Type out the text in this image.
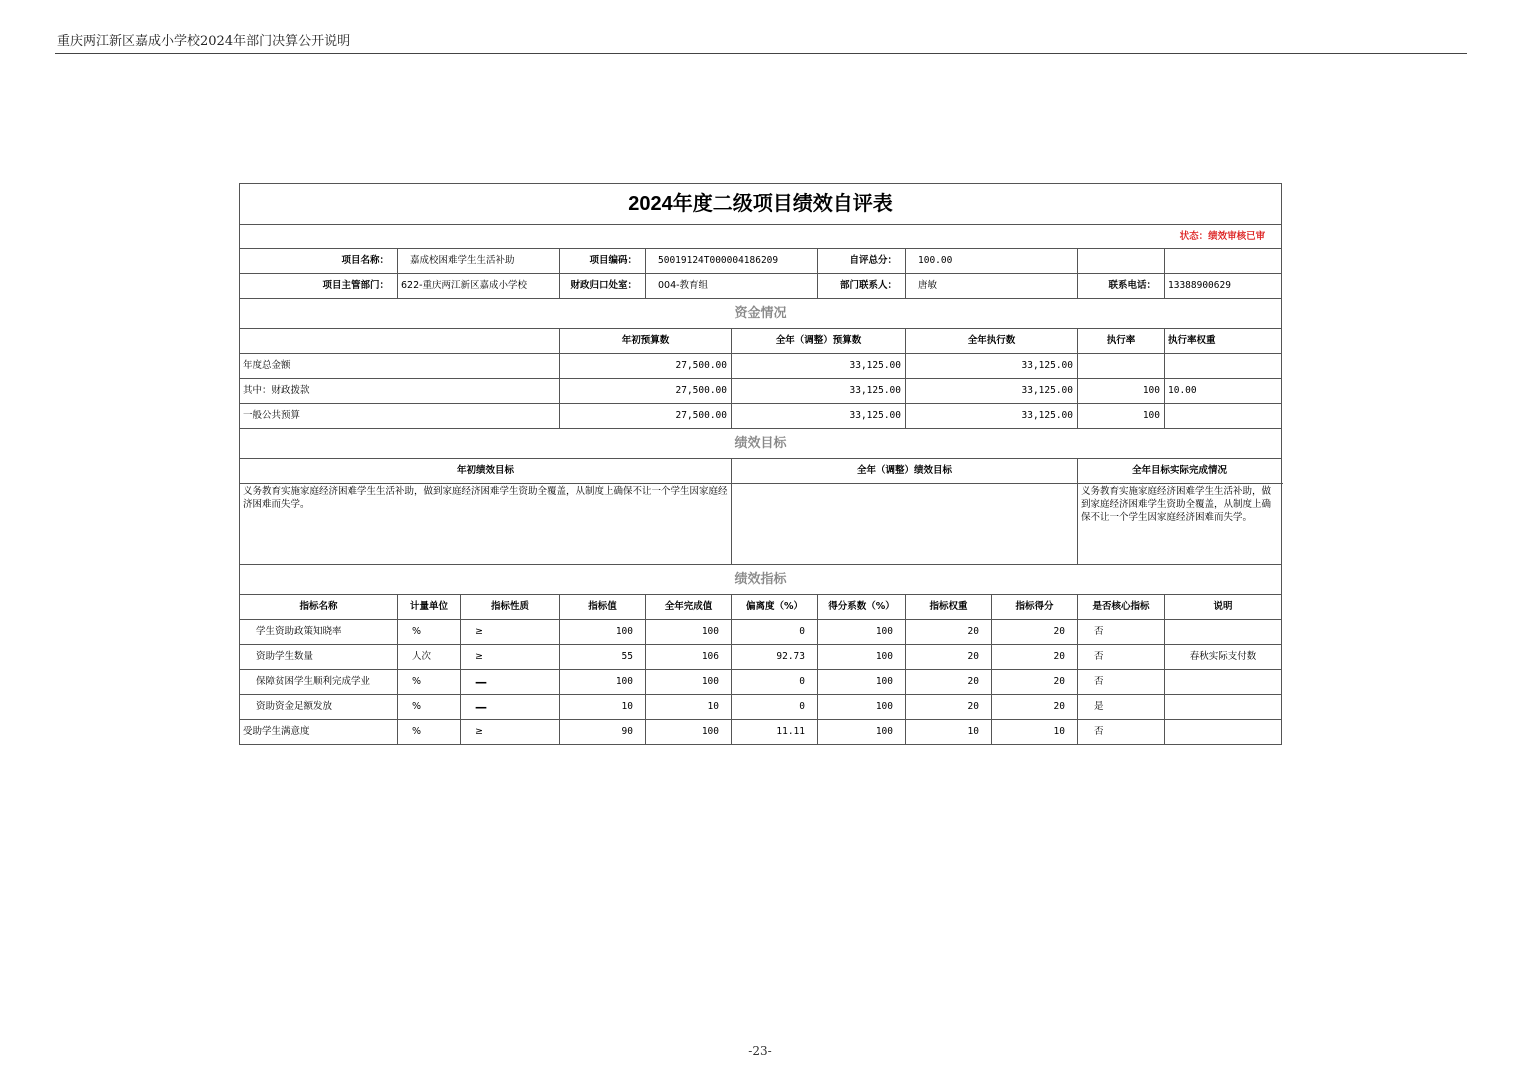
重庆两江新区嘉成小学校2024年部门决算公开说明
2024年度二级项目绩效自评表											
状态：绩效审核已审											
项目名称：	嘉成校困难学生生活补助		项目编码：	50019124T000004186209		自评总分：	100.00				
项目主管部门：	622-重庆两江新区嘉成小学校		财政归口处室：	004-教育组		部门联系人：	唐敏		联系电话：	13388900629	
资金情况											
			年初预算数		全年（调整）预算数		全年执行数		执行率	执行率权重	
年度总金额			27,500.00		33,125.00		33,125.00				
其中：财政拨款			27,500.00		33,125.00		33,125.00		100	10.00	
一般公共预算			27,500.00		33,125.00		33,125.00		100		
绩效目标											
年初绩效目标					全年（调整）绩效目标				全年目标实际完成情况		
义务教育实施家庭经济困难学生生活补助，做到家庭经济困难学生资助全覆盖，从制度上确保不让一个学生因家庭经济困难而失学。									义务教育实施家庭经济困难学生生活补助，做到家庭经济困难学生资助全覆盖，从制度上确保不让一个学生因家庭经济困难而失学。		
绩效指标											
指标名称	计量单位	指标性质	指标值	全年完成值	偏离度（%）	得分系数（%）	指标权重	指标得分	是否核心指标	说明	
学生资助政策知晓率	%	≥	100	100	0	100	20	20	否		
资助学生数量	人次	≥	55	106	92.73	100	20	20	否	春秋实际支付数	
保障贫困学生顺利完成学业	%	—	100	100	0	100	20	20	否		
资助资金足额发放	%	—	10	10	0	100	20	20	是		
受助学生满意度	%	≥	90	100	11.11	100	10	10	否		
-23-
